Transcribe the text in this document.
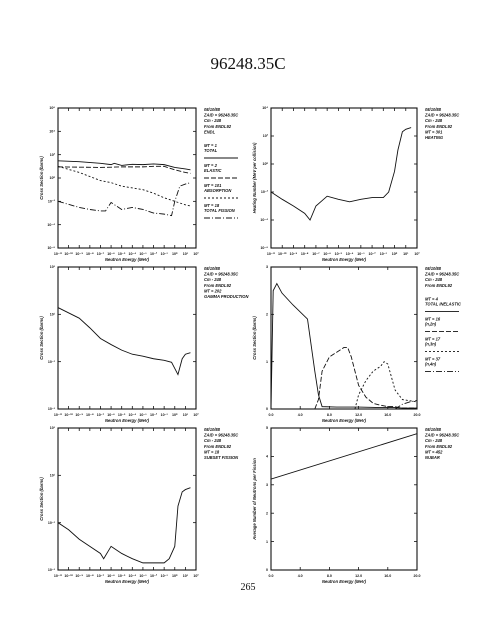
96248.35C
10⁻¹¹ 10⁻¹⁰ 10⁻⁹ 10⁻⁸ 10⁻⁷ 10⁻⁶ 10⁻⁵ 10⁻⁴ 10⁻³ 10⁻² 10⁻¹ 10⁰ 10¹ 10²
10⁻⁶
10⁻⁴
10⁻²
10⁰
10²
10⁴
10⁶
Neutron Energy (MeV)
Cross Section (barns)
08/10/88
ZAID = 96248.35C
Cm - 248
From ENDL92
ENDL
MT = 1
TOTAL
MT = 2
ELASTIC
MT = 101
ABSORPTION
MT = 18
TOTAL FISSION
10⁻¹¹ 10⁻¹⁰ 10⁻⁹ 10⁻⁸ 10⁻⁷ 10⁻⁶ 10⁻⁵ 10⁻⁴ 10⁻³ 10⁻² 10⁻¹ 10⁰ 10¹ 10²
10⁻⁶
10⁻⁴
10⁻²
10⁰
10²
10⁴
Neutron Energy (MeV)
Heating Number (MeV per collision)
08/10/88
ZAID = 96248.35C
Cm - 248
From ENDL92
MT = 301
HEATING
10⁻¹¹ 10⁻¹⁰ 10⁻⁹ 10⁻⁸ 10⁻⁷ 10⁻⁶ 10⁻⁵ 10⁻⁴ 10⁻³ 10⁻² 10⁻¹ 10⁰ 10¹ 10²
10⁻³
10⁻¹
10¹
10³
Neutron Energy (MeV)
Cross Section (barns)
08/10/88
ZAID = 96248.35C
Cm - 248
From ENDL92
MT = 202
GAMMA PRODUCTION
0.0	4.0	8.0	12.0	16.0	20.0
0
1
2
3
Neutron Energy (MeV)
Cross Section (barns)
08/10/88
ZAID = 96248.35C
Cm - 248
From ENDL92
MT = 4
TOTAL INELASTIC
MT = 16
(n,2n)
MT = 17
(n,3n)
MT = 37
(n,4n)
10⁻¹¹ 10⁻¹⁰ 10⁻⁹ 10⁻⁸ 10⁻⁷ 10⁻⁶ 10⁻⁵ 10⁻⁴ 10⁻³ 10⁻² 10⁻¹ 10⁰ 10¹ 10²
10⁻³
10⁻¹
10¹
10³
Neutron Energy (MeV)
Cross Section (barns)
08/10/88
ZAID = 96248.35C
Cm - 248
From ENDL92
MT = 18
SUBSET FISSION
0.0	4.0	8.0	12.0	16.0	20.0
0
1
2
3
4
5
Neutron Energy (MeV)
Average Number of Neutrons per Fission
08/10/88
ZAID = 96248.35C
Cm - 248
From ENDL92
MT = 452
NUBAR
265
